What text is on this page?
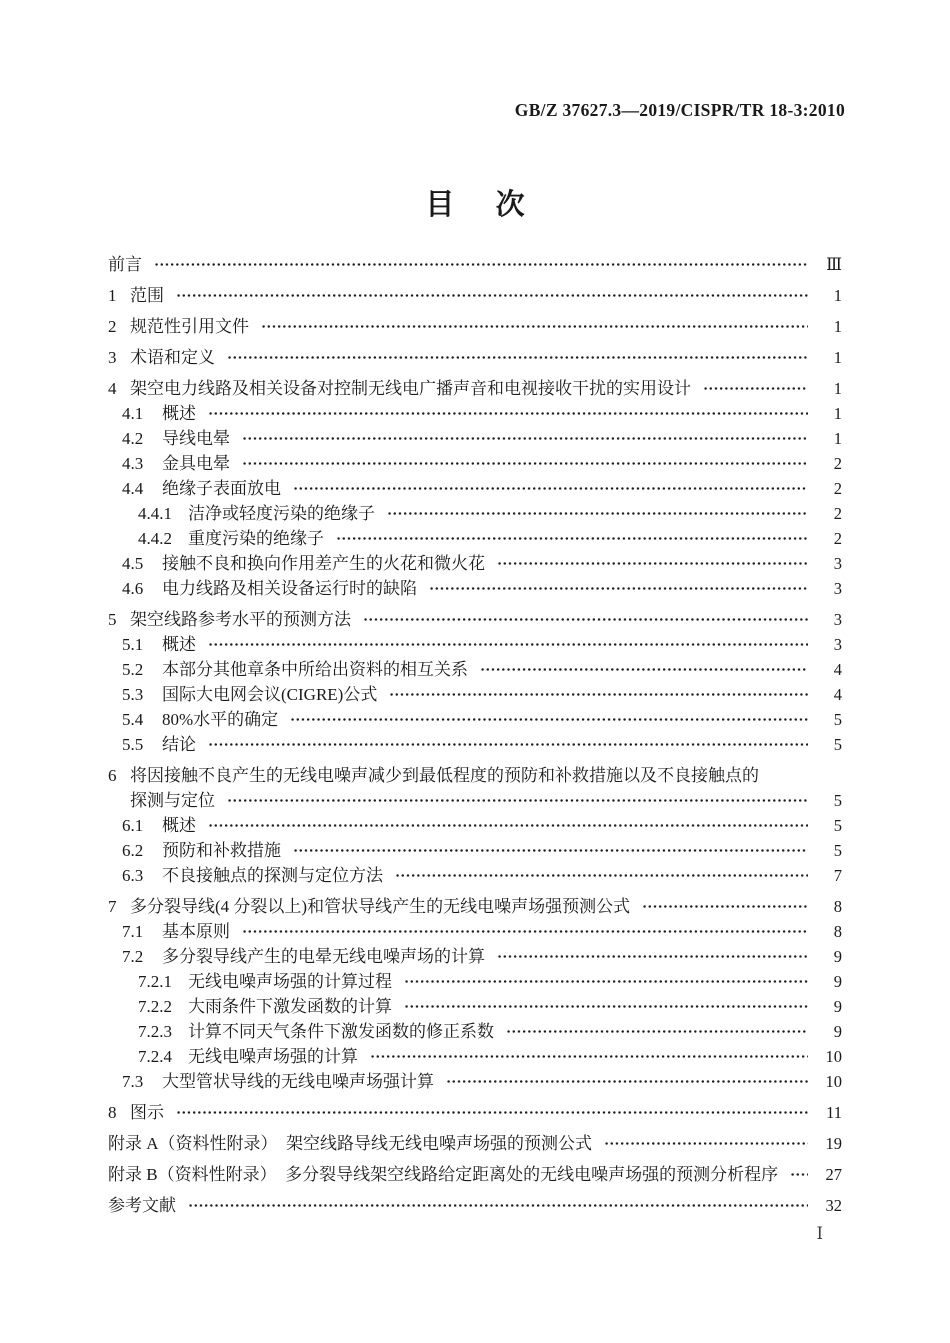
GB/Z 37627.3—2019/CISPR/TR 18-3:2010
目　次
前言	Ⅲ
1 范围	1
2 规范性引用文件	1
3 术语和定义	1
4 架空电力线路及相关设备对控制无线电广播声音和电视接收干扰的实用设计	1
4.1	概述	1
4.2	导线电晕	1
4.3	金具电晕	2
4.4	绝缘子表面放电	2
4.4.1 洁净或轻度污染的绝缘子	2
4.4.2 重度污染的绝缘子	2
4.5	接触不良和换向作用差产生的火花和微火花	3
4.6	电力线路及相关设备运行时的缺陷	3
5 架空线路参考水平的预测方法	3
5.1	概述	3
5.2	本部分其他章条中所给出资料的相互关系	4
5.3	国际大电网会议(CIGRE)公式	4
5.4	80%水平的确定	5
5.5	结论	5
6 将因接触不良产生的无线电噪声减少到最低程度的预防和补救措施以及不良接触点的
探测与定位	5
6.1	概述	5
6.2	预防和补救措施	5
6.3	不良接触点的探测与定位方法	7
7 多分裂导线(4 分裂以上)和管状导线产生的无线电噪声场强预测公式	8
7.1	基本原则	8
7.2	多分裂导线产生的电晕无线电噪声场的计算	9
7.2.1 无线电噪声场强的计算过程	9
7.2.2 大雨条件下激发函数的计算	9
7.2.3 计算不同天气条件下激发函数的修正系数	9
7.2.4 无线电噪声场强的计算	10
7.3	大型管状导线的无线电噪声场强计算	10
8 图示	11
附录 A（资料性附录）　架空线路导线无线电噪声场强的预测公式	19
附录 B（资料性附录）　多分裂导线架空线路给定距离处的无线电噪声场强的预测分析程序	27
参考文献	32
Ⅰ
